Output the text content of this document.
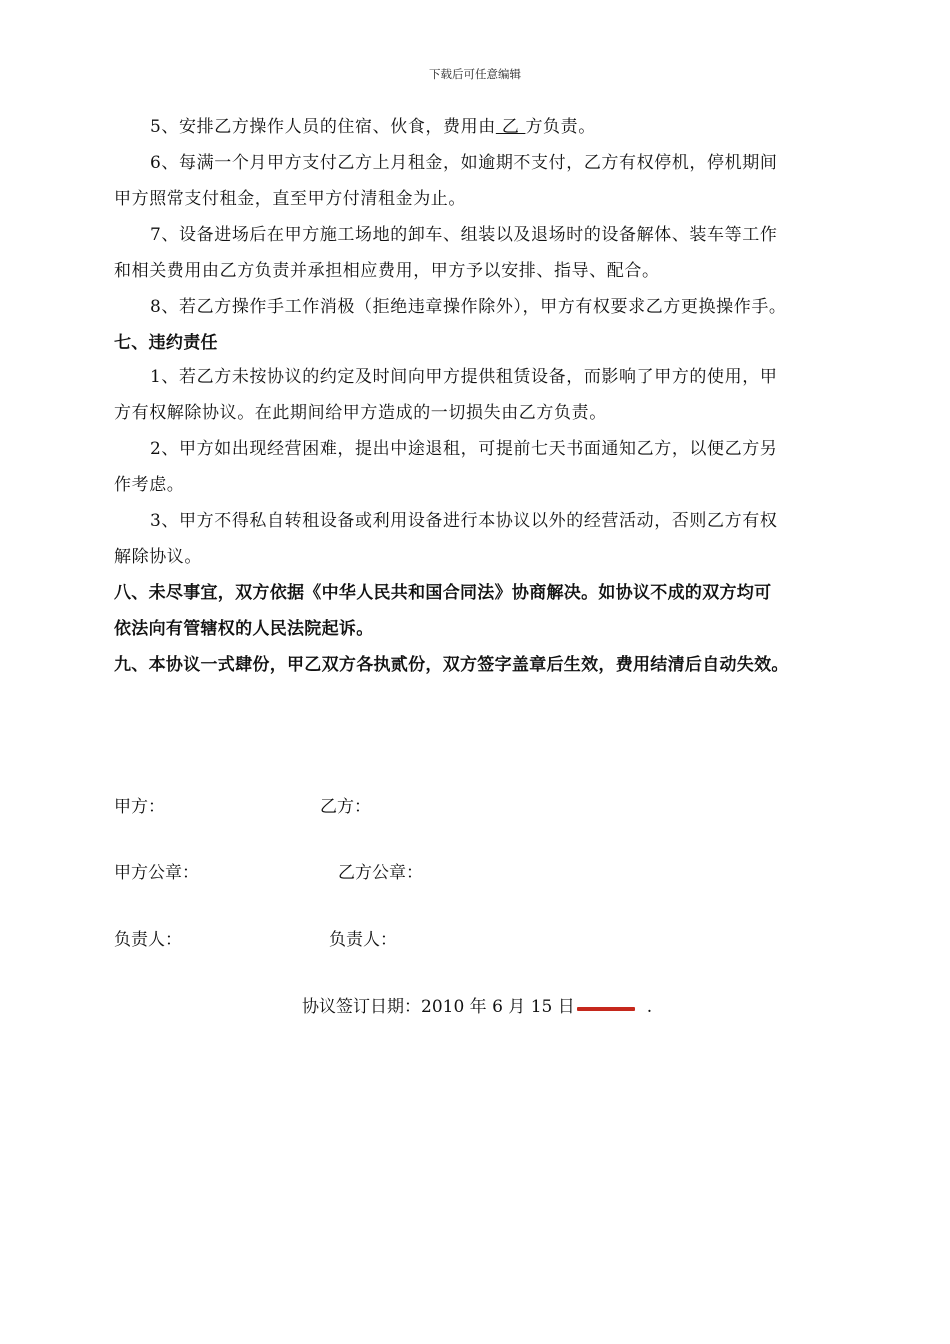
下载后可任意编辑
5、安排乙方操作人员的住宿、伙食，费用由 乙 方负责。
6、每满一个月甲方支付乙方上月租金，如逾期不支付，乙方有权停机，停机期间
甲方照常支付租金，直至甲方付清租金为止。
7、设备进场后在甲方施工场地的卸车、组装以及退场时的设备解体、装车等工作
和相关费用由乙方负责并承担相应费用，甲方予以安排、指导、配合。
8、若乙方操作手工作消极（拒绝违章操作除外），甲方有权要求乙方更换操作手。
七、违约责任
1、若乙方未按协议的约定及时间向甲方提供租赁设备，而影响了甲方的使用，甲
方有权解除协议。在此期间给甲方造成的一切损失由乙方负责。
2、甲方如出现经营困难，提出中途退租，可提前七天书面通知乙方，以便乙方另
作考虑。
3、甲方不得私自转租设备或利用设备进行本协议以外的经营活动，否则乙方有权
解除协议。
八、未尽事宜，双方依据《中华人民共和国合同法》协商解决。如协议不成的双方均可
依法向有管辖权的人民法院起诉。
九、本协议一式肆份，甲乙双方各执贰份，双方签字盖章后生效，费用结清后自动失效。
甲方：	乙方：
甲方公章：	乙方公章：
负责人：	负责人：
协议签订日期：2010 年 6 月 15 日	.
